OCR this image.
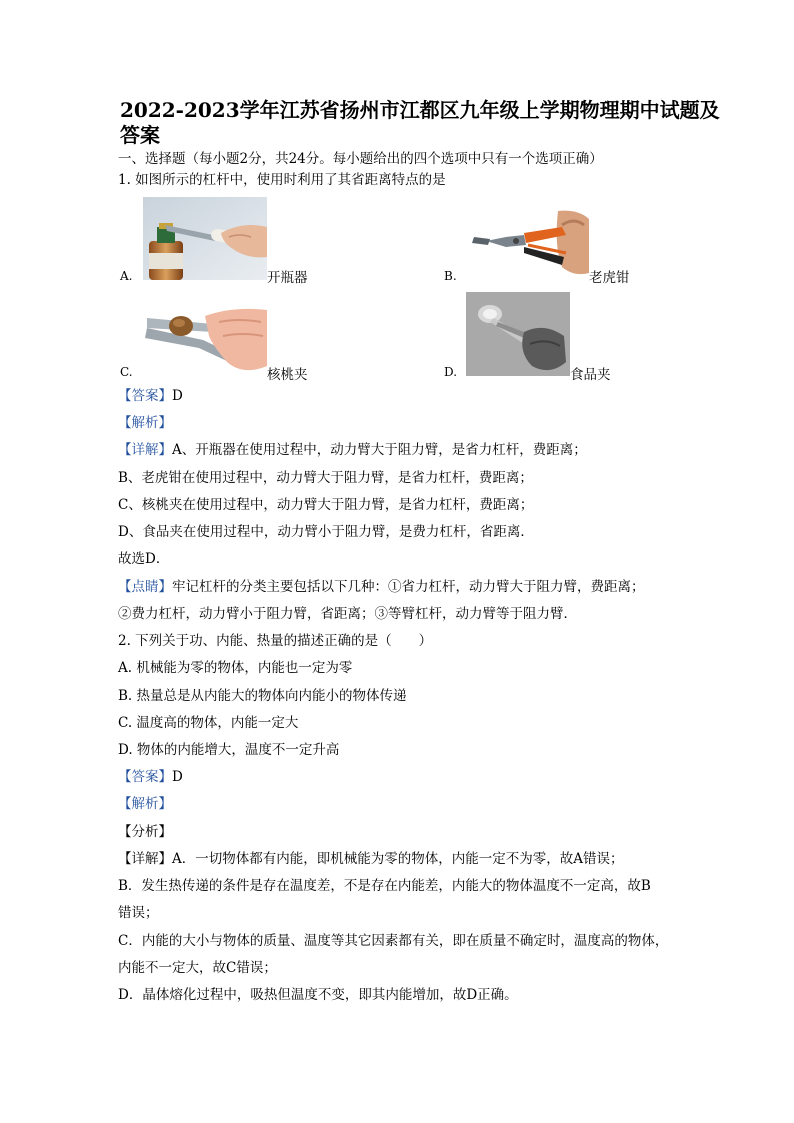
2022-2023学年江苏省扬州市江都区九年级上学期物理期中试题及答案
一、选择题（每小题2分，共24分。每小题给出的四个选项中只有一个选项正确）
1. 如图所示的杠杆中，使用时利用了其省距离特点的是
A.	开瓶器	B.	老虎钳
C.	核桃夹	D.	食品夹
【答案】D
【解析】
【详解】A、开瓶器在使用过程中，动力臂大于阻力臂，是省力杠杆，费距离；
B、老虎钳在使用过程中，动力臂大于阻力臂，是省力杠杆，费距离；
C、核桃夹在使用过程中，动力臂大于阻力臂，是省力杠杆，费距离；
D、食品夹在使用过程中，动力臂小于阻力臂，是费力杠杆，省距离．
故选D．
【点睛】牢记杠杆的分类主要包括以下几种：①省力杠杆，动力臂大于阻力臂，费距离；
②费力杠杆，动力臂小于阻力臂，省距离；③等臂杠杆，动力臂等于阻力臂．
2. 下列关于功、内能、热量的描述正确的是（　　）
A. 机械能为零的物体，内能也一定为零
B. 热量总是从内能大的物体向内能小的物体传递
C. 温度高的物体，内能一定大
D. 物体的内能增大，温度不一定升高
【答案】D
【解析】
【分析】
【详解】A．一切物体都有内能，即机械能为零的物体，内能一定不为零，故A错误；
B．发生热传递的条件是存在温度差，不是存在内能差，内能大的物体温度不一定高，故B
错误；
C．内能的大小与物体的质量、温度等其它因素都有关，即在质量不确定时，温度高的物体，
内能不一定大，故C错误；
D．晶体熔化过程中，吸热但温度不变，即其内能增加，故D正确。
